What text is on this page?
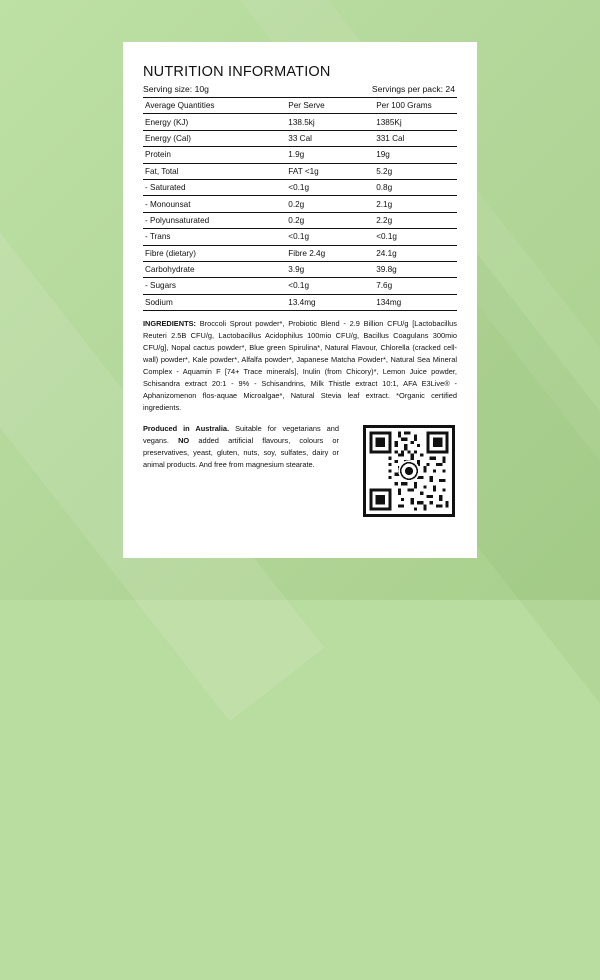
NUTRITION INFORMATION
Serving size: 10g	Servings per pack: 24
Average Quantities	Per Serve	Per 100 Grams
Energy (KJ)	138.5kj	1385Kj
Energy (Cal)	33 Cal	331 Cal
Protein	1.9g	19g
Fat, Total	FAT <1g	5.2g
- Saturated	<0.1g	0.8g
- Monounsat	0.2g	2.1g
- Polyunsaturated	0.2g	2.2g
- Trans	<0.1g	<0.1g
Fibre (dietary)	Fibre 2.4g	24.1g
Carbohydrate	3.9g	39.8g
- Sugars	<0.1g	7.6g
Sodium	13.4mg	134mg
INGREDIENTS: Broccoli Sprout powder*, Probiotic Blend - 2.9 Billion CFU/g [Lactobacillus Reuteri 2.5B CFU/g, Lactobacillus Acidophilus 100mio CFU/g, Bacillus Coagulans 300mio CFU/g], Nopal cactus powder*, Blue green Spirulina*, Natural Flavour, Chlorella (cracked cell-wall) powder*, Kale powder*, Alfalfa powder*, Japanese Matcha Powder*, Natural Sea Mineral Complex - Aquamin F [74+ Trace minerals], Inulin (from Chicory)*, Lemon Juice powder, Schisandra extract 20:1 - 9% - Schisandrins, Milk Thistle extract 10:1, AFA E3Live® - Aphanizomenon flos-aquae Microalgae*, Natural Stevia leaf extract. *Organic certified ingredients.
Produced in Australia. Suitable for vegetarians and vegans. NO added artificial flavours, colours or preservatives, yeast, gluten, nuts, soy, sulfates, dairy or animal products. And free from magnesium stearate.
